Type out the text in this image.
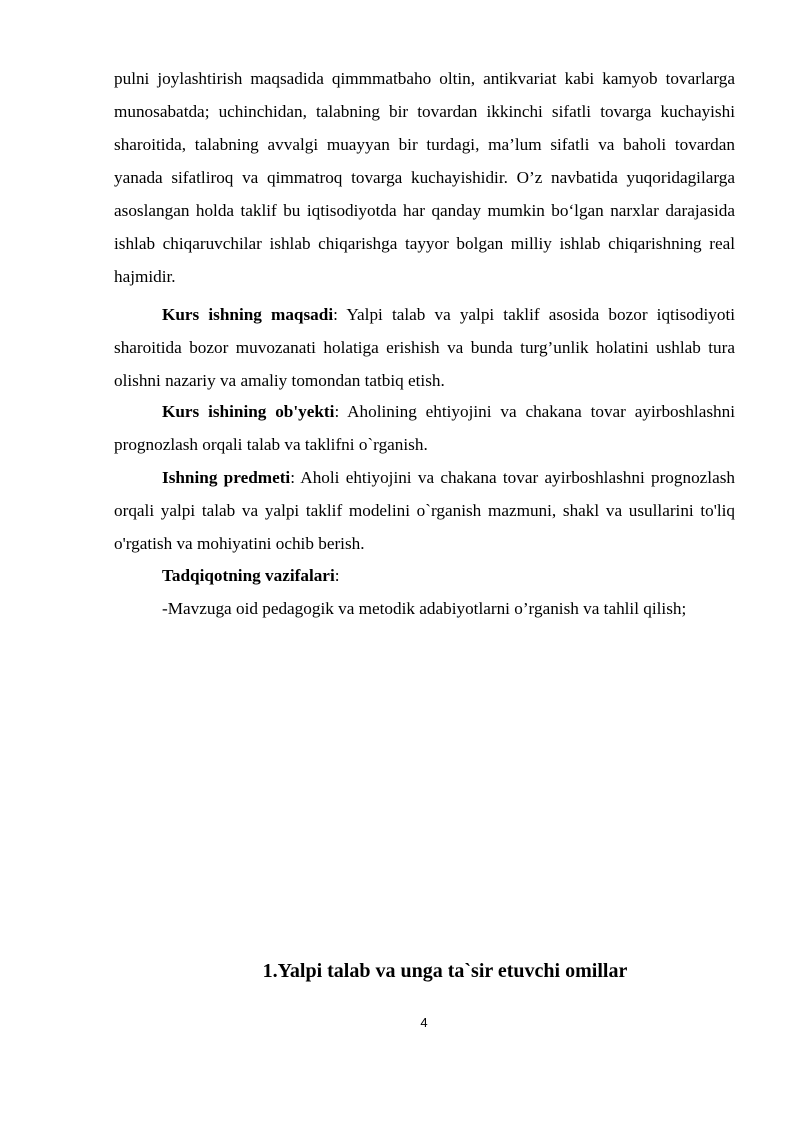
pulni joylashtirish maqsadida qimmmatbaho oltin, antikvariat kabi kamyob tovarlarga munosabatda; uchinchidan, talabning bir tovardan ikkinchi sifatli tovarga kuchayishi sharoitida, talabning avvalgi muayyan bir turdagi, ma’lum sifatli va baholi tovardan yanada sifatliroq va qimmatroq tovarga kuchayishidir. O’z navbatida yuqoridagilarga asoslangan holda taklif bu iqtisodiyotda har qanday mumkin bo‘lgan narxlar darajasida ishlab chiqaruvchilar ishlab chiqarishga tayyor bolgan milliy ishlab chiqarishning real hajmidir.

Kurs ishning maqsadi: Yalpi talab va yalpi taklif asosida bozor iqtisodiyoti sharoitida bozor muvozanati holatiga erishish va bunda turg’unlik holatini ushlab tura olishni nazariy va amaliy tomondan tatbiq etish.

Kurs ishining ob'yekti: Aholining ehtiyojini va chakana tovar ayirboshlashni prognozlash orqali talab va taklifni o`rganish.

Ishning predmeti: Aholi ehtiyojini va chakana tovar ayirboshlashni prognozlash orqali yalpi talab va yalpi taklif modelini o`rganish mazmuni, shakl va usullarini to'liq o'rgatish va mohiyatini ochib berish.

Tadqiqotning vazifalari:

-Mavzuga oid pedagogik va metodik adabiyotlarni o’rganish va tahlil qilish;

1.Yalpi talab va unga ta`sir etuvchi omillar
4
